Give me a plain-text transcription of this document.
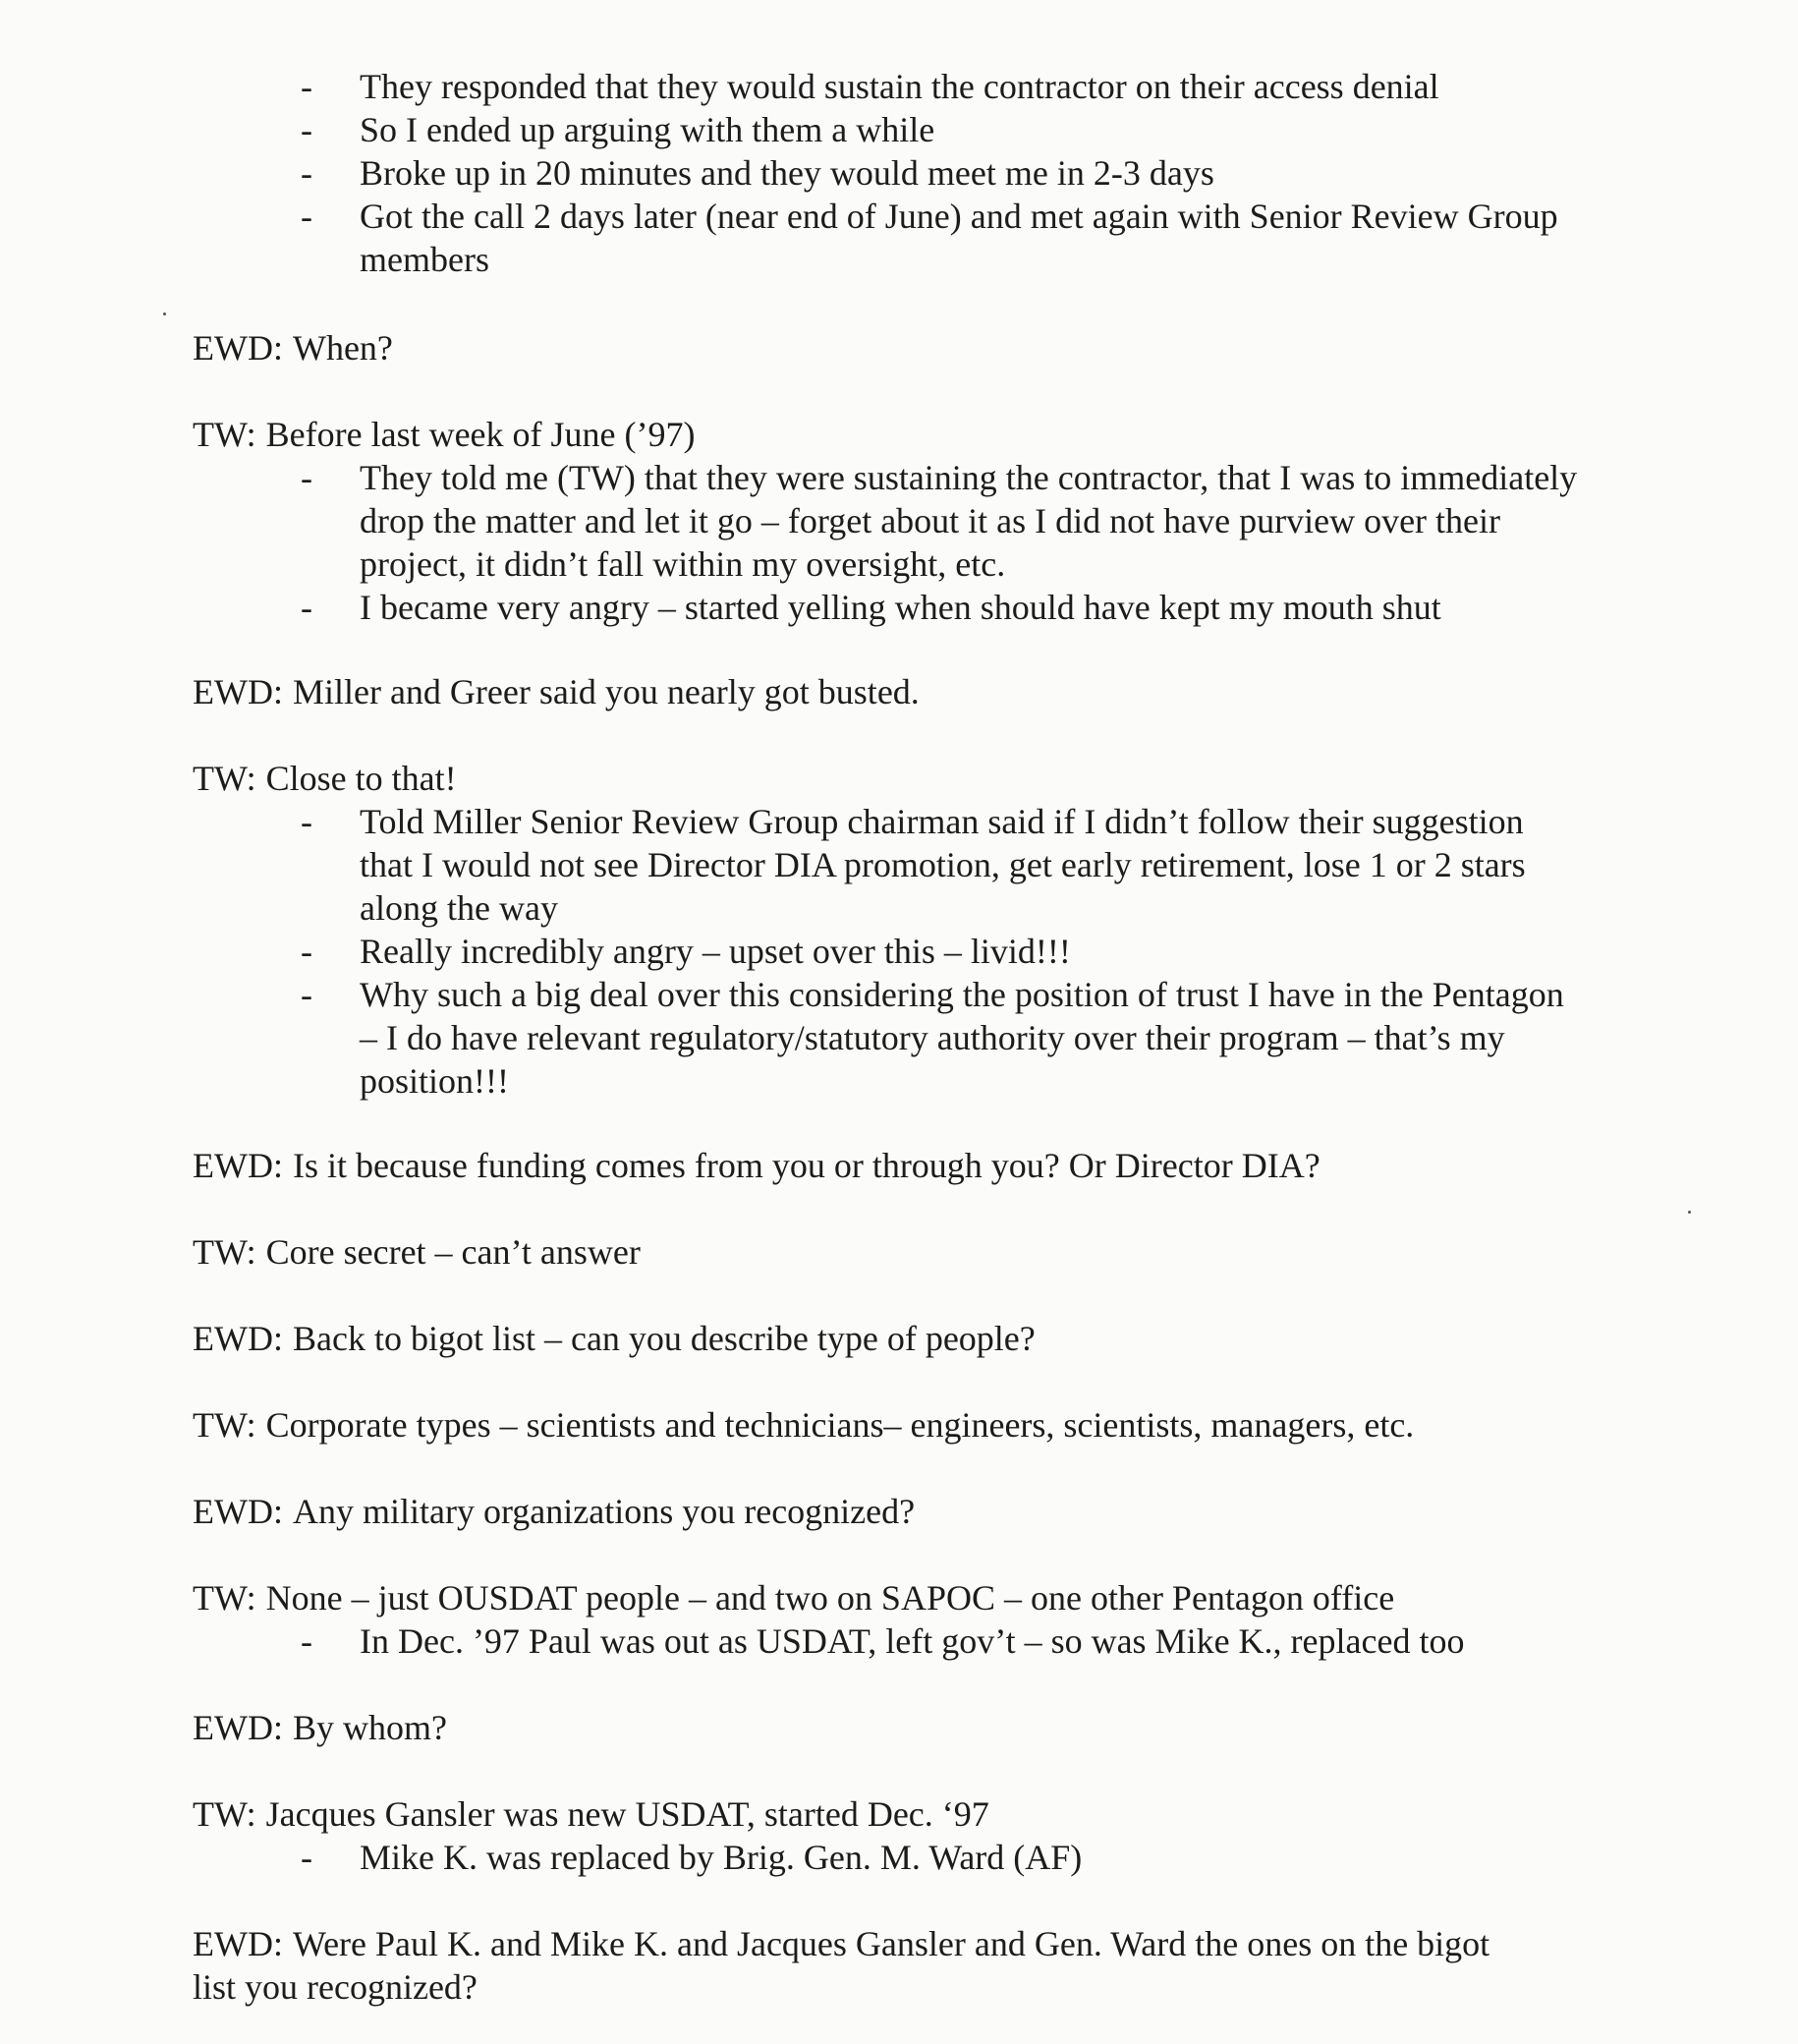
- They responded that they would sustain the contractor on their access denial
- So I ended up arguing with them a while
- Broke up in 20 minutes and they would meet me in 2-3 days
- Got the call 2 days later (near end of June) and met again with Senior Review Group members

EWD: When?

TW: Before last week of June (’97)

- They told me (TW) that they were sustaining the contractor, that I was to immediately drop the matter and let it go – forget about it as I did not have purview over their project, it didn’t fall within my oversight, etc.
- I became very angry – started yelling when should have kept my mouth shut

EWD: Miller and Greer said you nearly got busted.

TW: Close to that!

- Told Miller Senior Review Group chairman said if I didn’t follow their suggestion that I would not see Director DIA promotion, get early retirement, lose 1 or 2 stars along the way
- Really incredibly angry – upset over this – livid!!!
- Why such a big deal over this considering the position of trust I have in the Pentagon – I do have relevant regulatory/statutory authority over their program – that’s my position!!!

EWD: Is it because funding comes from you or through you? Or Director DIA?

TW: Core secret – can’t answer

EWD: Back to bigot list – can you describe type of people?

TW: Corporate types – scientists and technicians– engineers, scientists, managers, etc.

EWD: Any military organizations you recognized?

TW: None – just OUSDAT people – and two on SAPOC – one other Pentagon office

- In Dec. ’97 Paul was out as USDAT, left gov’t – so was Mike K., replaced too

EWD: By whom?

TW: Jacques Gansler was new USDAT, started Dec. ‘97

- Mike K. was replaced by Brig. Gen. M. Ward (AF)

EWD: Were Paul K. and Mike K. and Jacques Gansler and Gen. Ward the ones on the bigot list you recognized?
